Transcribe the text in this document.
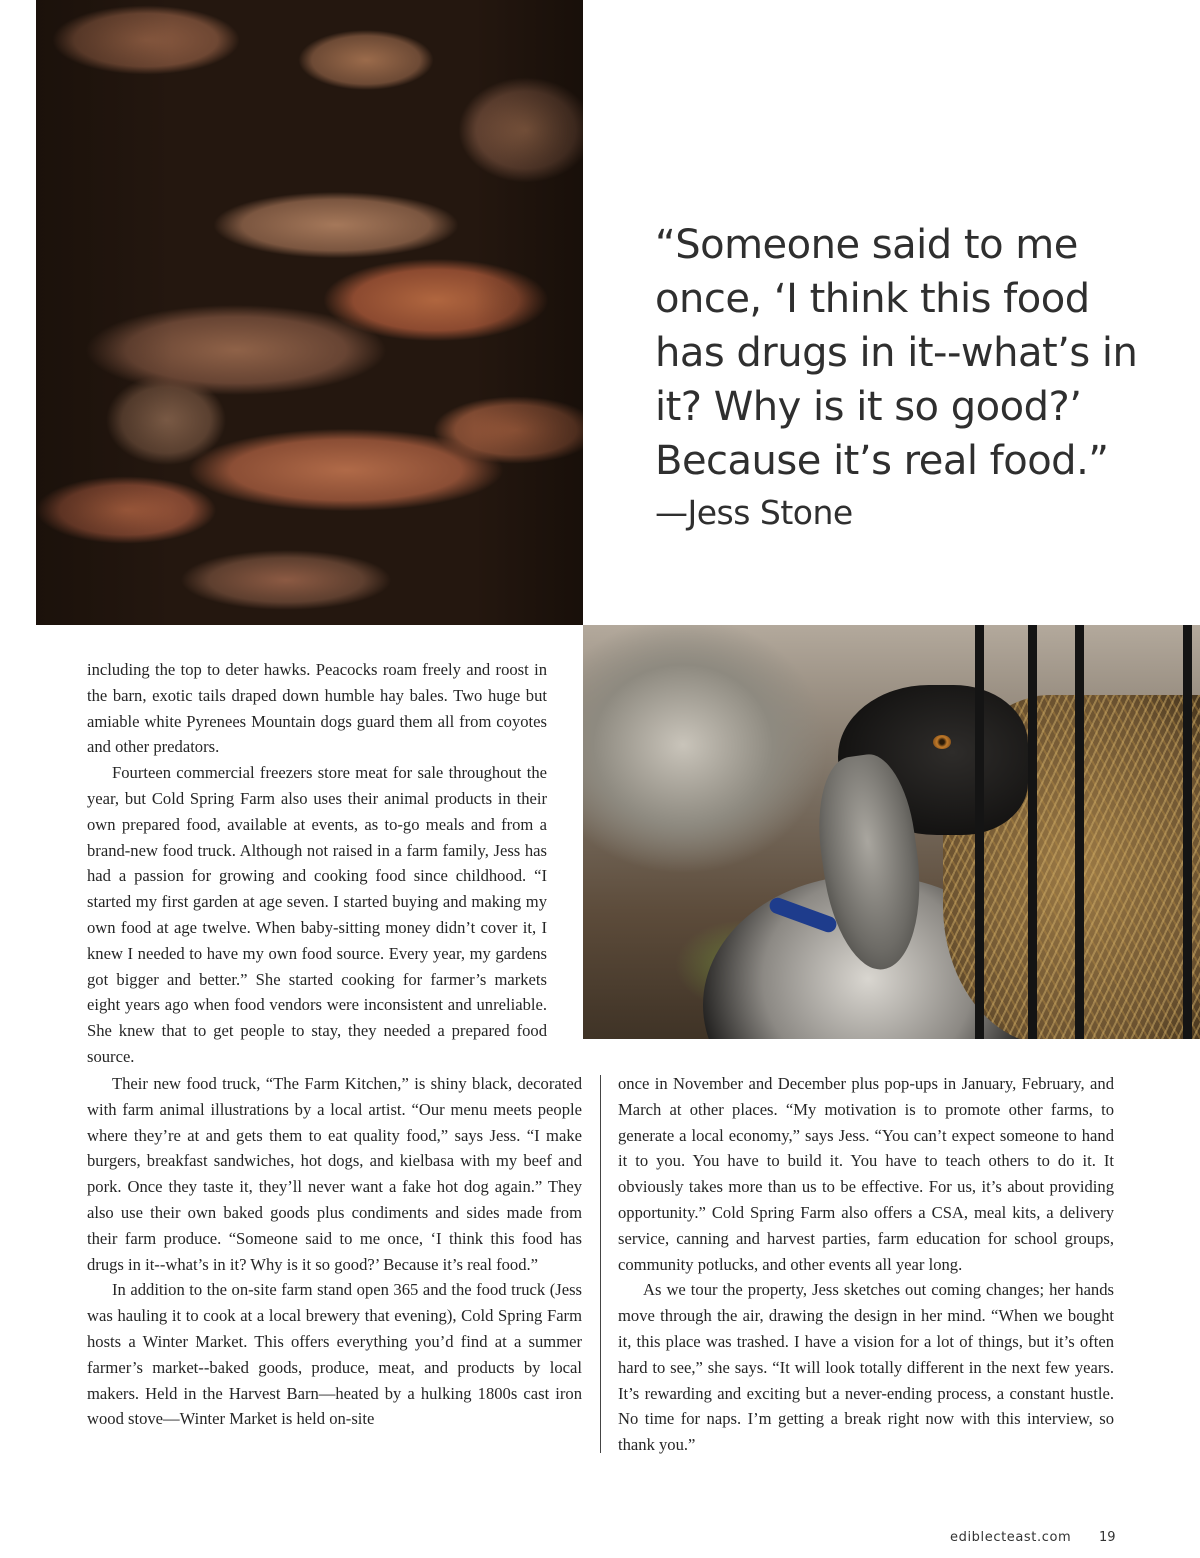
“Someone said to me
once, ‘I think this food
has drugs in it--what’s in
it? Why is it so good?’
Because it’s real food.”
—Jess Stone

including the top to deter hawks. Peacocks roam freely and roost in the barn, exotic tails draped down humble hay bales. Two huge but amiable white Pyrenees Mountain dogs guard them all from coyotes and other predators.

Fourteen commercial freezers store meat for sale throughout the year, but Cold Spring Farm also uses their animal products in their own prepared food, available at events, as to-go meals and from a brand-new food truck. Although not raised in a farm family, Jess has had a passion for growing and cooking food since childhood. “I started my first garden at age seven. I started buying and making my own food at age twelve. When baby-sitting money didn’t cover it, I knew I needed to have my own food source. Every year, my gardens got bigger and better.” She started cooking for farmer’s markets eight years ago when food vendors were inconsistent and unreliable. She knew that to get people to stay, they needed a prepared food source.

Their new food truck, “The Farm Kitchen,” is shiny black, decorated with farm animal illustrations by a local artist. “Our menu meets people where they’re at and gets them to eat quality food,” says Jess. “I make burgers, breakfast sandwiches, hot dogs, and kielbasa with my beef and pork. Once they taste it, they’ll never want a fake hot dog again.” They also use their own baked goods plus condiments and sides made from their farm produce. “Someone said to me once, ‘I think this food has drugs in it--what’s in it? Why is it so good?’ Because it’s real food.”

In addition to the on-site farm stand open 365 and the food truck (Jess was hauling it to cook at a local brewery that evening), Cold Spring Farm hosts a Winter Market. This offers everything you’d find at a summer farmer’s market--baked goods, produce, meat, and products by local makers. Held in the Harvest Barn—heated by a hulking 1800s cast iron wood stove—Winter Market is held on-site

once in November and December plus pop-ups in January, February, and March at other places. “My motivation is to promote other farms, to generate a local economy,” says Jess. “You can’t expect someone to hand it to you. You have to build it. You have to teach others to do it. It obviously takes more than us to be effective. For us, it’s about providing opportunity.” Cold Spring Farm also offers a CSA, meal kits, a delivery service, canning and harvest parties, farm education for school groups, community potlucks, and other events all year long.

As we tour the property, Jess sketches out coming changes; her hands move through the air, drawing the design in her mind. “When we bought it, this place was trashed. I have a vision for a lot of things, but it’s often hard to see,” she says. “It will look totally different in the next few years. It’s rewarding and exciting but a never-ending process, a constant hustle. No time for naps. I’m getting a break right now with this interview, so thank you.”

ediblecteast.com 19
